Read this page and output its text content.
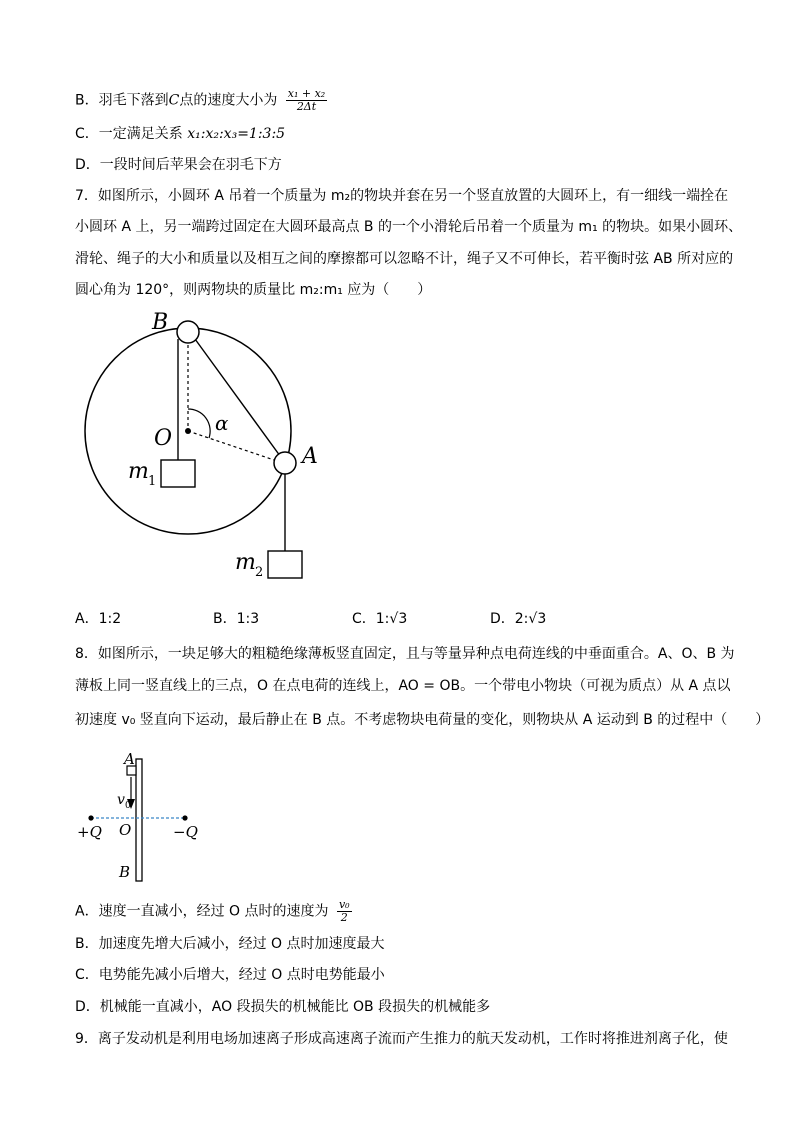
B．羽毛下落到C点的速度大小为 $\frac{\text{x₁ + x₂}}{2\Delta t}$
C．一定满足关系 x₁:x₂:x₃=1:3:5
D．一段时间后苹果会在羽毛下方
7．如图所示，小圆环 A 吊着一个质量为 m₂的物块并套在另一个竖直放置的大圆环上，有一细线一端拴在
小圆环 A 上，另一端跨过固定在大圆环最高点 B 的一个小滑轮后吊着一个质量为 m₁ 的物块。如果小圆环、
滑轮、绳子的大小和质量以及相互之间的摩擦都可以忽略不计，绳子又不可伸长，若平衡时弦 AB 所对应的
圆心角为 120°，则两物块的质量比 m₂:m₁ 应为（　　）
B
O
α
A
m 1
m 2
A．1:2	B．1:3	C．1:√3	D．2:√3
8．如图所示，一块足够大的粗糙绝缘薄板竖直固定，且与等量异种点电荷连线的中垂面重合。A、O、B 为
薄板上同一竖直线上的三点，O 在点电荷的连线上，AO = OB。一个带电小物块（可视为质点）从 A 点以
初速度 v₀ 竖直向下运动，最后静止在 B 点。不考虑物块电荷量的变化，则物块从 A 运动到 B 的过程中（　　）
A
v 0
+Q O	−Q
B
A．速度一直减小，经过 O 点时的速度为 $\frac{\text{v₀}}{2}$
B．加速度先增大后减小，经过 O 点时加速度最大
C．电势能先减小后增大，经过 O 点时电势能最小
D．机械能一直减小，AO 段损失的机械能比 OB 段损失的机械能多
9．离子发动机是利用电场加速离子形成高速离子流而产生推力的航天发动机，工作时将推进剂离子化，使
